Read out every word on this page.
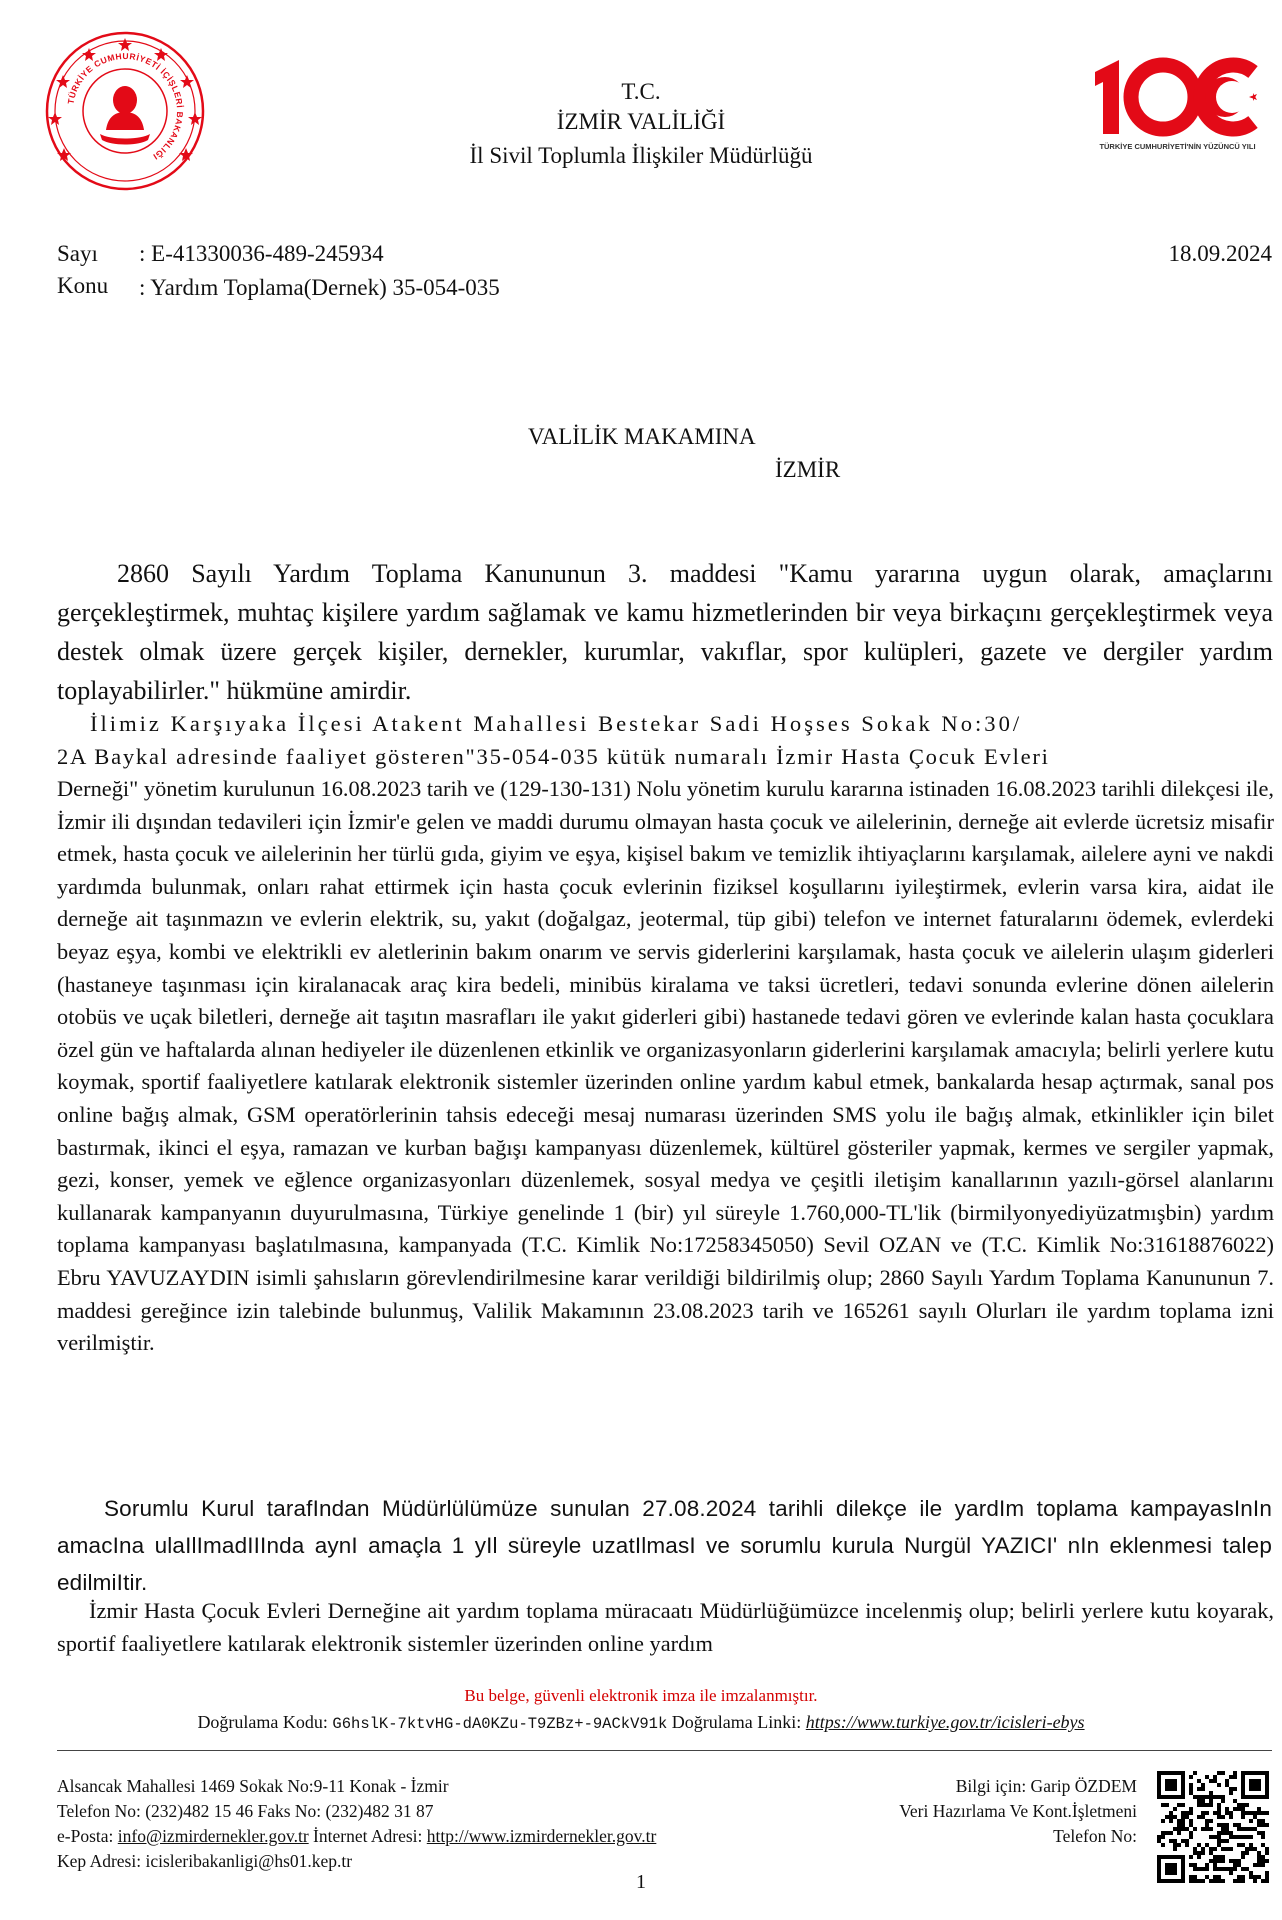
TÜRKİYE CUMHURİYETİ İÇİŞLERİ BAKANLIĞI
TÜRKİYE CUMHURİYETİ'NİN YÜZÜNCÜ YILI
T.C.
İZMİR VALİLİĞİ
İl Sivil Toplumla İlişkiler Müdürlüğü
Sayı : E-41330036-489-245934	18.09.2024
Konu : Yardım Toplama(Dernek) 35-054-035
VALİLİK MAKAMINA
İZMİR
2860 Sayılı Yardım Toplama Kanununun 3. maddesi "Kamu yararına uygun olarak, amaçlarını gerçekleştirmek, muhtaç kişilere yardım sağlamak ve kamu hizmetlerinden bir veya birkaçını gerçekleştirmek veya destek olmak üzere gerçek kişiler, dernekler, kurumlar, vakıflar, spor kulüpleri, gazete ve dergiler yardım toplayabilirler." hükmüne amirdir.
İlimiz Karşıyaka İlçesi Atakent Mahallesi Bestekar Sadi Hoşses Sokak No:30/
2A Baykal adresinde faaliyet gösteren"35-054-035 kütük numaralı İzmir Hasta Çocuk Evleri
Derneği" yönetim kurulunun 16.08.2023 tarih ve (129-130-131) Nolu yönetim kurulu kararına istinaden 16.08.2023 tarihli dilekçesi ile, İzmir ili dışından tedavileri için İzmir'e gelen ve maddi durumu olmayan hasta çocuk ve ailelerinin, derneğe ait evlerde ücretsiz misafir etmek, hasta çocuk ve ailelerinin her türlü gıda, giyim ve eşya, kişisel bakım ve temizlik ihtiyaçlarını karşılamak, ailelere ayni ve nakdi yardımda bulunmak, onları rahat ettirmek için hasta çocuk evlerinin fiziksel koşullarını iyileştirmek, evlerin varsa kira, aidat ile derneğe ait taşınmazın ve evlerin elektrik, su, yakıt (doğalgaz, jeotermal, tüp gibi) telefon ve internet faturalarını ödemek, evlerdeki beyaz eşya, kombi ve elektrikli ev aletlerinin bakım onarım ve servis giderlerini karşılamak, hasta çocuk ve ailelerin ulaşım giderleri (hastaneye taşınması için kiralanacak araç kira bedeli, minibüs kiralama ve taksi ücretleri, tedavi sonunda evlerine dönen ailelerin otobüs ve uçak biletleri, derneğe ait taşıtın masrafları ile yakıt giderleri gibi) hastanede tedavi gören ve evlerinde kalan hasta çocuklara özel gün ve haftalarda alınan hediyeler ile düzenlenen etkinlik ve organizasyonların giderlerini karşılamak amacıyla; belirli yerlere kutu koymak, sportif faaliyetlere katılarak elektronik sistemler üzerinden online yardım kabul etmek, bankalarda hesap açtırmak, sanal pos online bağış almak, GSM operatörlerinin tahsis edeceği mesaj numarası üzerinden SMS yolu ile bağış almak, etkinlikler için bilet bastırmak, ikinci el eşya, ramazan ve kurban bağışı kampanyası düzenlemek, kültürel gösteriler yapmak, kermes ve sergiler yapmak, gezi, konser, yemek ve eğlence organizasyonları düzenlemek, sosyal medya ve çeşitli iletişim kanallarının yazılı-görsel alanlarını kullanarak kampanyanın duyurulmasına, Türkiye genelinde 1 (bir) yıl süreyle 1.760,000-TL'lik (birmilyonyediyüzatmışbin) yardım toplama kampanyası başlatılmasına, kampanyada (T.C. Kimlik No:17258345050) Sevil OZAN ve (T.C. Kimlik No:31618876022) Ebru YAVUZAYDIN isimli şahısların görevlendirilmesine karar verildiği bildirilmiş olup; 2860 Sayılı Yardım Toplama Kanununun 7. maddesi gereğince izin talebinde bulunmuş, Valilik Makamının 23.08.2023 tarih ve 165261 sayılı Olurları ile yardım toplama izni verilmiştir.
Sorumlu Kurul tarafIndan Müdürlülümüze sunulan 27.08.2024 tarihli dilekçe ile yardIm toplama kampayasInIn amacIna ulaIlImadIIInda aynI amaçla 1 yIl süreyle uzatIlmasI ve sorumlu kurula Nurgül YAZICI' nIn eklenmesi talep edilmiItir.
İzmir Hasta Çocuk Evleri Derneğine ait yardım toplama müracaatı Müdürlüğümüzce incelenmiş olup; belirli yerlere kutu koyarak, sportif faaliyetlere katılarak elektronik sistemler üzerinden online yardım
Bu belge, güvenli elektronik imza ile imzalanmıştır.
Doğrulama Kodu: G6hslK-7ktvHG-dA0KZu-T9ZBz+-9ACkV91k Doğrulama Linki: https://www.turkiye.gov.tr/icisleri-ebys
Alsancak Mahallesi 1469 Sokak No:9-11 Konak - İzmir
Telefon No: (232)482 15 46 Faks No: (232)482 31 87
e-Posta: info@izmirdernekler.gov.tr İnternet Adresi: http://www.izmirdernekler.gov.tr
Kep Adresi: icisleribakanligi@hs01.kep.tr
Bilgi için: Garip ÖZDEM
Veri Hazırlama Ve Kont.İşletmeni
Telefon No:
1
